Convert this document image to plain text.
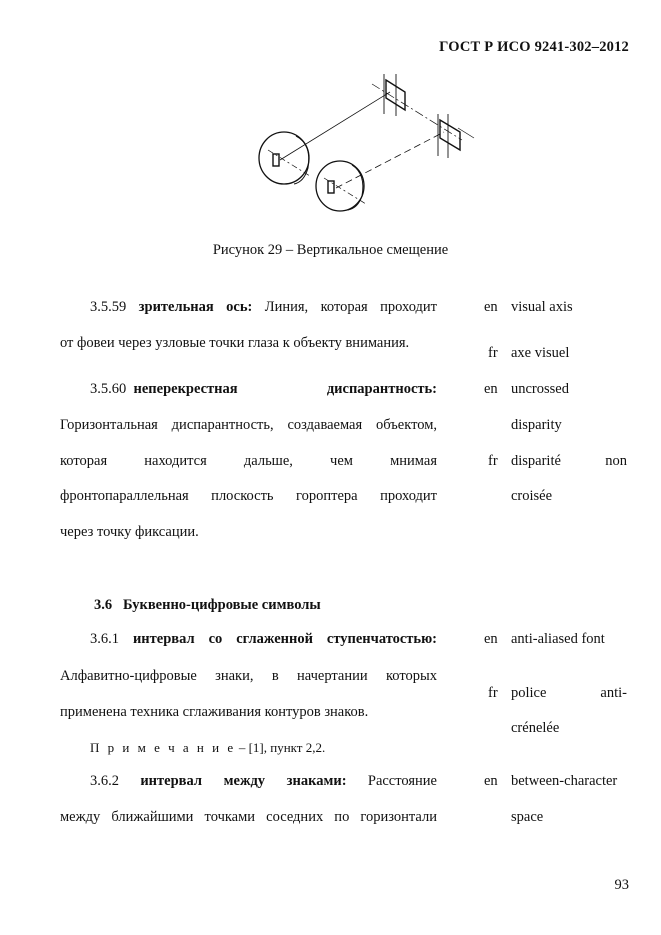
ГОСТ Р ИСО 9241-302–2012
Рисунок 29 – Вертикальное смещение
3.5.59 зрительная ось: Линия, которая проходит
от фовеи через узловые точки глаза к объекту внимания.
en visual axis
fr axe visuel
3.5.60 неперекрестная	диспарантность:
Горизонтальная диспарантность, создаваемая объектом,
которая находится дальше, чем мнимая
фронтопараллельная плоскость гороптера проходит
через точку фиксации.
en uncrossed
disparity
fr disparité	non
croisée
3.6 Буквенно-цифровые символы
3.6.1 интервал со сглаженной ступенчатостью:
Алфавитно-цифровые знаки, в начертании которых
применена техника сглаживания контуров знаков.
П р и м е ч а н и е – [1], пункт 2,2.
en anti-aliased font
fr police	anti-
crénelée
3.6.2 интервал между знаками: Расстояние
между ближайшими точками соседних по горизонтали
en between-character
space
93
